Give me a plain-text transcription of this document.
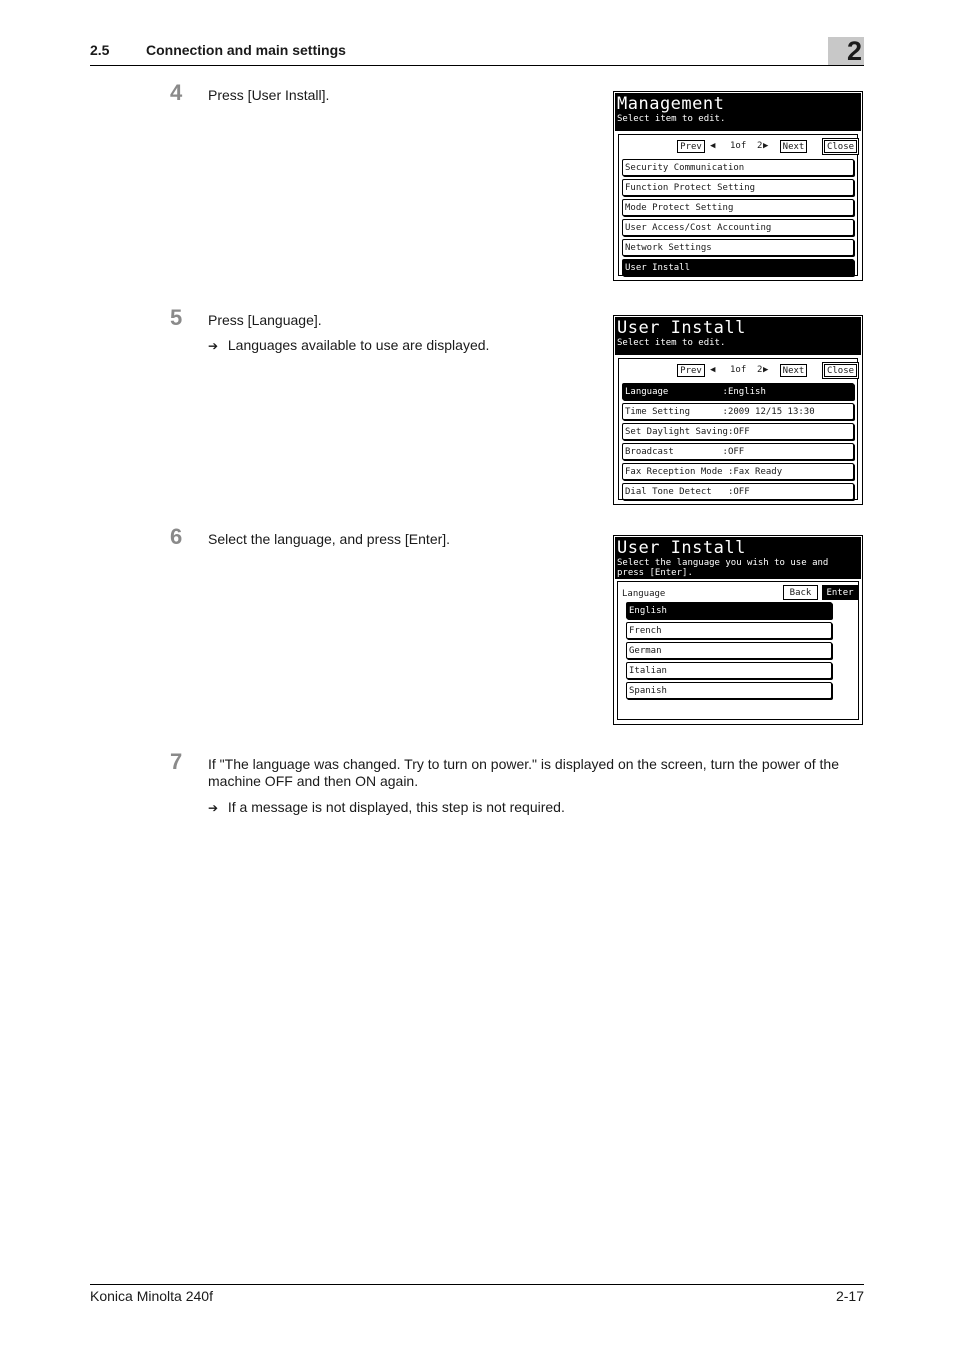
2.5	Connection and main settings	2
4 Press [User Install].	Management
Select item to edit.
Prev ◀ 1of 2 ▶ Next	Close
Security Communication
Function Protect Setting
Mode Protect Setting
User Access/Cost Accounting
Network Settings
User Install
5 Press [Language].
➔ Languages available to use are displayed.
User Install
Select item to edit.
Prev ◀ 1of 2 ▶ Next	Close
Language          :English
Time Setting      :2009 12/15 13:30
Set Daylight Saving:OFF
Broadcast         :OFF
Fax Reception Mode :Fax Ready
Dial Tone Detect   :OFF
6 Select the language, and press [Enter].	User Install
Select the language you wish to use and
press [Enter].
Language	Back	Enter
English
French
German
Italian
Spanish
7 If "The language was changed. Try to turn on power." is displayed on the screen, turn the power of the machine OFF and then ON again.
➔ If a message is not displayed, this step is not required.
Konica Minolta 240f	2-17
